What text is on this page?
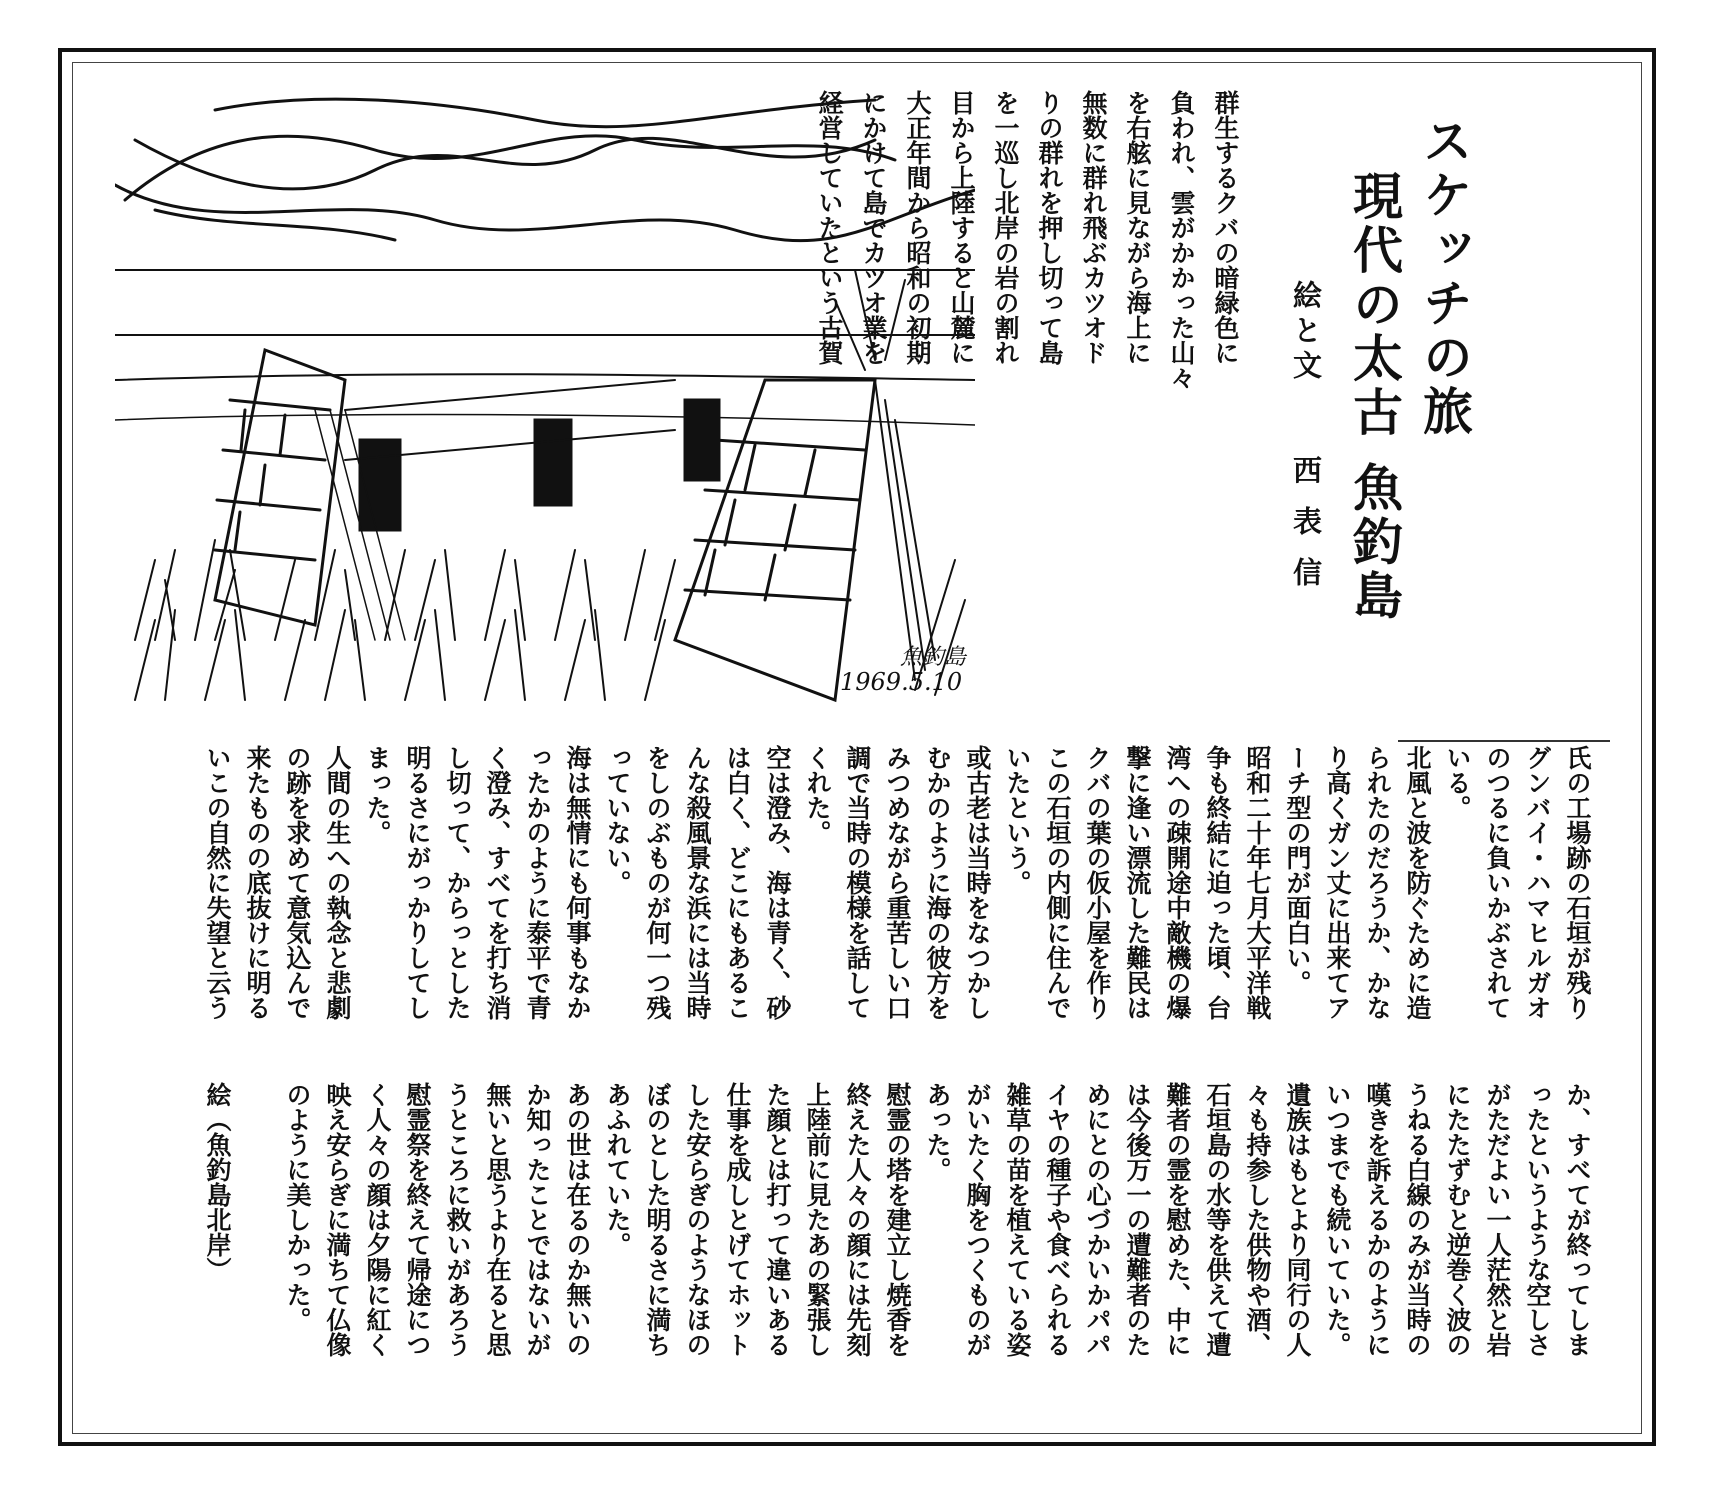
スケッチの旅
現代の太古 魚釣島
絵と文西 表 信
魚釣島
1969.5.10
群生するクバの暗緑色に
負われ、雲がかかった山々
を右舷に見ながら海上に
無数に群れ飛ぶカツオド
りの群れを押し切って島
を一巡し北岸の岩の割れ
目から上陸すると山麓に
大正年間から昭和の初期
にかけて島でカツオ業を
経営していたという古賀
氏の工場跡の石垣が残り
グンバイ・ハマヒルガオ
のつるに負いかぶされて
いる。
北風と波を防ぐために造
られたのだろうか、かな
り高くガン丈に出来てア
ーチ型の門が面白い。
昭和二十年七月大平洋戦
争も終結に迫った頃、台
湾への疎開途中敵機の爆
撃に逢い漂流した難民は
クバの葉の仮小屋を作り
この石垣の内側に住んで
いたという。
或古老は当時をなつかし
むかのように海の彼方を
みつめながら重苦しい口
調で当時の模様を話して
くれた。
空は澄み、海は青く、砂
は白く、どこにもあるこ
んな殺風景な浜には当時
をしのぶものが何一つ残
っていない。
海は無情にも何事もなか
ったかのように泰平で青
く澄み、すべてを打ち消
し切って、からっとした
明るさにがっかりしてし
まった。
人間の生への執念と悲劇
の跡を求めて意気込んで
来たものの底抜けに明る
いこの自然に失望と云う
か、すべてが終ってしま
ったというような空しさ
がただよい一人茫然と岩
にたたずむと逆巻く波の
うねる白線のみが当時の
嘆きを訴えるかのように
いつまでも続いていた。
遺族はもとより同行の人
々も持参した供物や酒、
石垣島の水等を供えて遭
難者の霊を慰めた、中に
は今後万一の遭難者のた
めにとの心づかいかパパ
イヤの種子や食べられる
雑草の苗を植えている姿
がいたく胸をつくものが
あった。
慰霊の塔を建立し焼香を
終えた人々の顔には先刻
上陸前に見たあの緊張し
た顔とは打って違いある
仕事を成しとげてホット
した安らぎのようなほの
ぼのとした明るさに満ち
あふれていた。
あの世は在るのか無いの
か知ったことではないが
無いと思うより在ると思
うところに救いがあろう
慰霊祭を終えて帰途につ
く人々の顔は夕陽に紅く
映え安らぎに満ちて仏像
のように美しかった。
絵（魚釣島北岸）
